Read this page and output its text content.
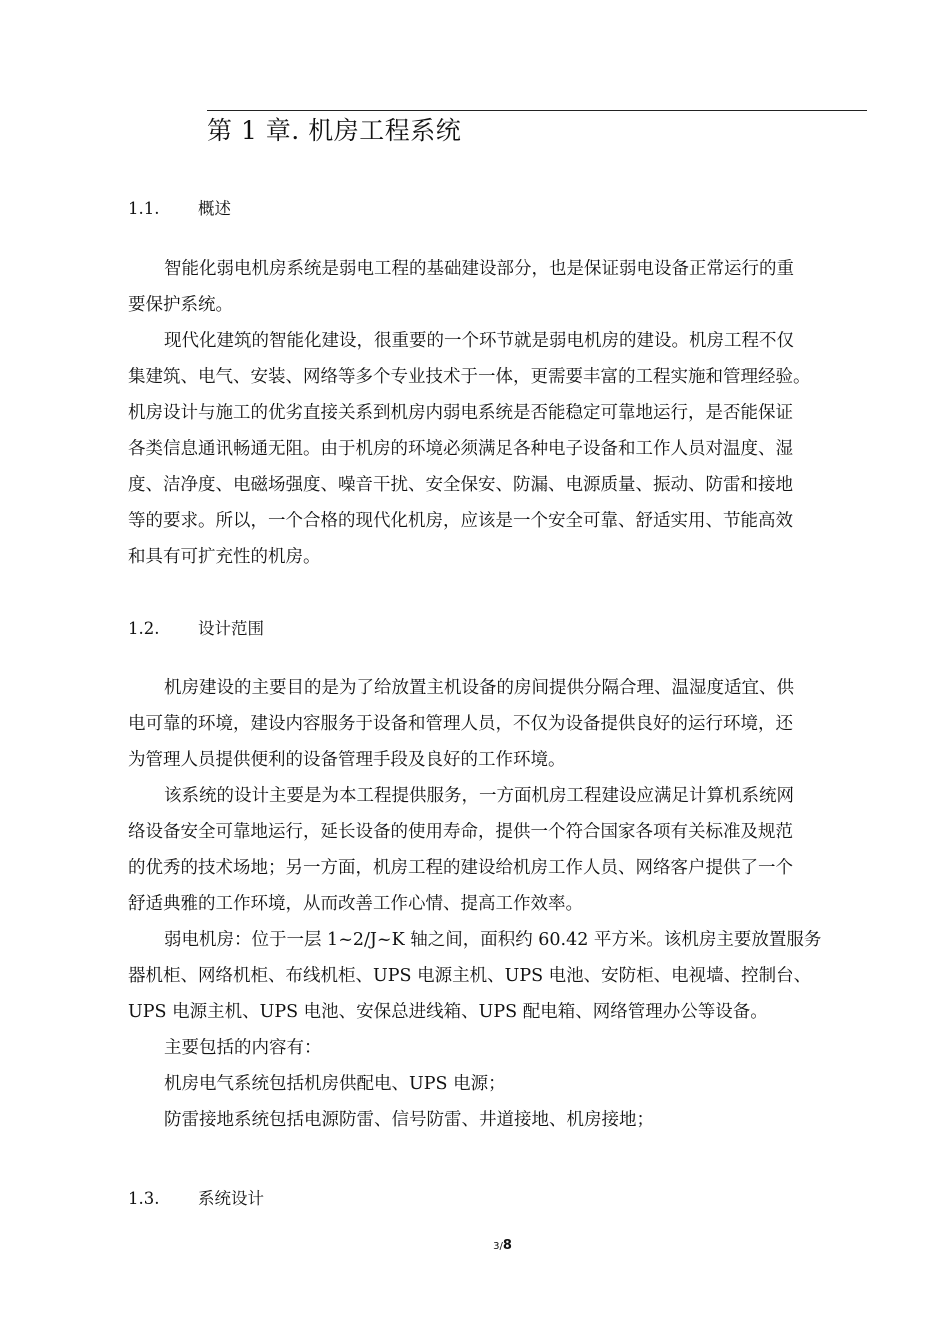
第 1 章. 机房工程系统
1.1. 概述
智能化弱电机房系统是弱电工程的基础建设部分，也是保证弱电设备正常运行的重
要保护系统。
现代化建筑的智能化建设，很重要的一个环节就是弱电机房的建设。机房工程不仅
集建筑、电气、安装、网络等多个专业技术于一体，更需要丰富的工程实施和管理经验。
机房设计与施工的优劣直接关系到机房内弱电系统是否能稳定可靠地运行，是否能保证
各类信息通讯畅通无阻。由于机房的环境必须满足各种电子设备和工作人员对温度、湿
度、洁净度、电磁场强度、噪音干扰、安全保安、防漏、电源质量、振动、防雷和接地
等的要求。所以，一个合格的现代化机房，应该是一个安全可靠、舒适实用、节能高效
和具有可扩充性的机房。
1.2. 设计范围
机房建设的主要目的是为了给放置主机设备的房间提供分隔合理、温湿度适宜、供
电可靠的环境，建设内容服务于设备和管理人员，不仅为设备提供良好的运行环境，还
为管理人员提供便利的设备管理手段及良好的工作环境。
该系统的设计主要是为本工程提供服务，一方面机房工程建设应满足计算机系统网
络设备安全可靠地运行，延长设备的使用寿命，提供一个符合国家各项有关标准及规范
的优秀的技术场地；另一方面，机房工程的建设给机房工作人员、网络客户提供了一个
舒适典雅的工作环境，从而改善工作心情、提高工作效率。
弱电机房：位于一层 1~2/J~K 轴之间，面积约 60.42 平方米。该机房主要放置服务
器机柜、网络机柜、布线机柜、UPS 电源主机、UPS 电池、安防柜、电视墙、控制台、
UPS 电源主机、UPS 电池、安保总进线箱、UPS 配电箱、网络管理办公等设备。
主要包括的内容有：
机房电气系统包括机房供配电、UPS 电源；
防雷接地系统包括电源防雷、信号防雷、井道接地、机房接地；
1.3. 系统设计
3/8
